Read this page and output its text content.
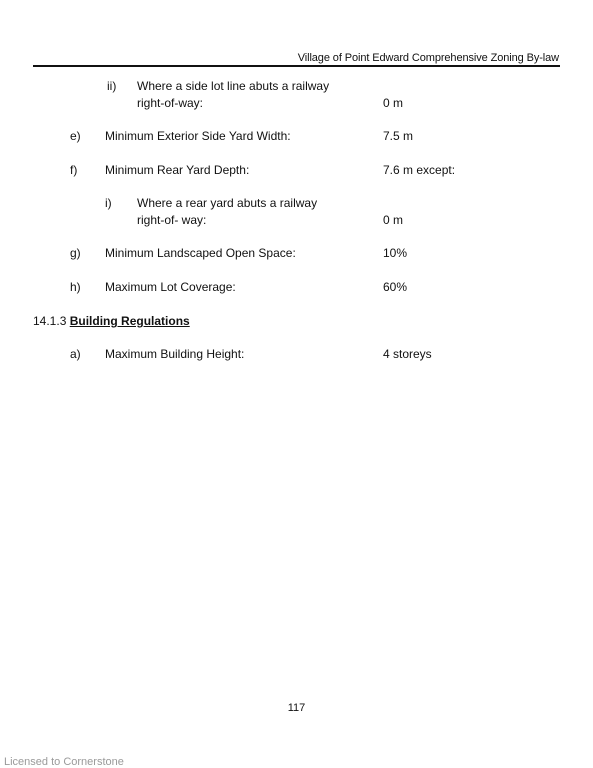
Village of Point Edward Comprehensive Zoning By-law
ii) Where a side lot line abuts a railway
right-of-way:	0 m
e) Minimum Exterior Side Yard Width:	7.5 m
f) Minimum Rear Yard Depth:	7.6 m except:
i) Where a rear yard abuts a railway
right-of- way:	0 m
g) Minimum Landscaped Open Space:	10%
h) Maximum Lot Coverage:	60%
14.1.3 Building Regulations
a) Maximum Building Height:	4 storeys
117
Licensed to Cornerstone
